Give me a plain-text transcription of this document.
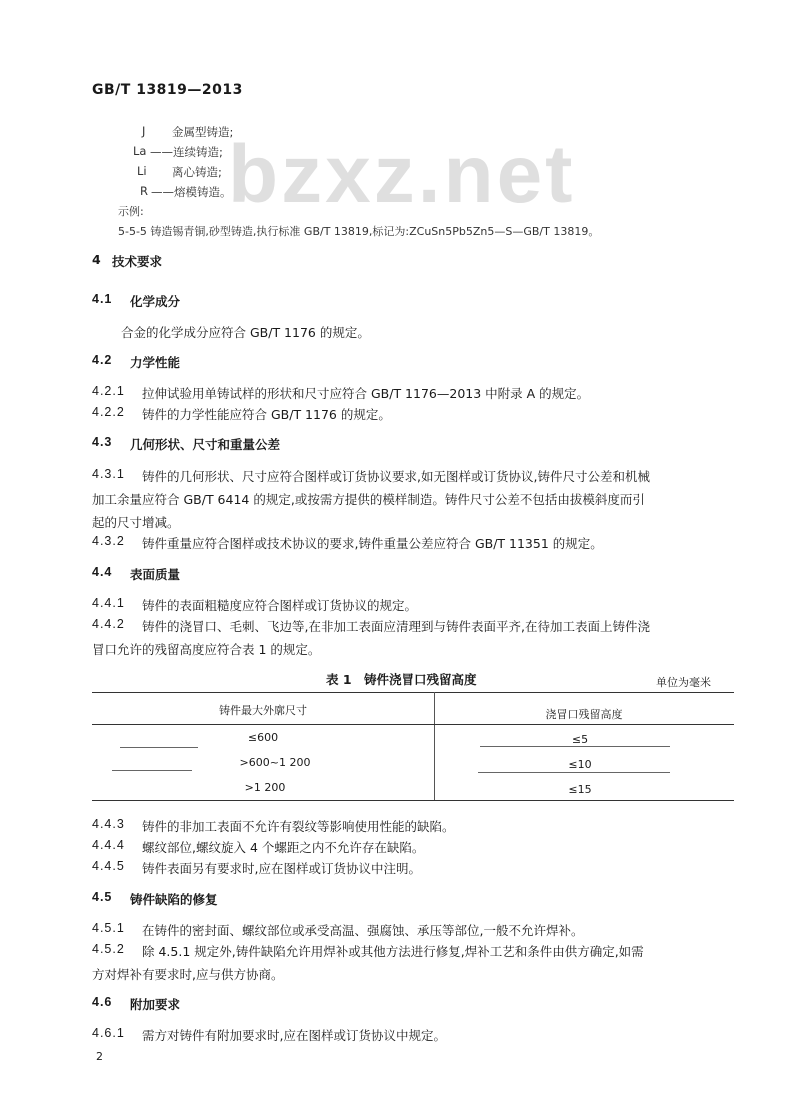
GB/T 13819—2013
bzxz.net
J 金属型铸造;
La ——连续铸造;
Li 离心铸造;
R ——熔模铸造。
示例:
5-5-5 铸造锡青铜,砂型铸造,执行标准 GB/T 13819,标记为:ZCuSn5Pb5Zn5—S—GB/T 13819。
4 技术要求
4.1 化学成分
合金的化学成分应符合 GB/T 1176 的规定。
4.2 力学性能
4.2.1 拉伸试验用单铸试样的形状和尺寸应符合 GB/T 1176—2013 中附录 A 的规定。
4.2.2 铸件的力学性能应符合 GB/T 1176 的规定。
4.3 几何形状、尺寸和重量公差
4.3.1 铸件的几何形状、尺寸应符合图样或订货协议要求,如无图样或订货协议,铸件尺寸公差和机械
加工余量应符合 GB/T 6414 的规定,或按需方提供的模样制造。铸件尺寸公差不包括由拔模斜度而引
起的尺寸增减。
4.3.2 铸件重量应符合图样或技术协议的要求,铸件重量公差应符合 GB/T 11351 的规定。
4.4 表面质量
4.4.1 铸件的表面粗糙度应符合图样或订货协议的规定。
4.4.2 铸件的浇冒口、毛刺、飞边等,在非加工表面应清理到与铸件表面平齐,在待加工表面上铸件浇
冒口允许的残留高度应符合表 1 的规定。
表 1　铸件浇冒口残留高度	单位为毫米
铸件最大外廓尺寸	浇冒口残留高度
≤600	≤5
>600~1 200	≤10
>1 200	≤15
4.4.3 铸件的非加工表面不允许有裂纹等影响使用性能的缺陷。
4.4.4 螺纹部位,螺纹旋入 4 个螺距之内不允许存在缺陷。
4.4.5 铸件表面另有要求时,应在图样或订货协议中注明。
4.5 铸件缺陷的修复
4.5.1 在铸件的密封面、螺纹部位或承受高温、强腐蚀、承压等部位,一般不允许焊补。
4.5.2 除 4.5.1 规定外,铸件缺陷允许用焊补或其他方法进行修复,焊补工艺和条件由供方确定,如需
方对焊补有要求时,应与供方协商。
4.6 附加要求
4.6.1 需方对铸件有附加要求时,应在图样或订货协议中规定。
2
